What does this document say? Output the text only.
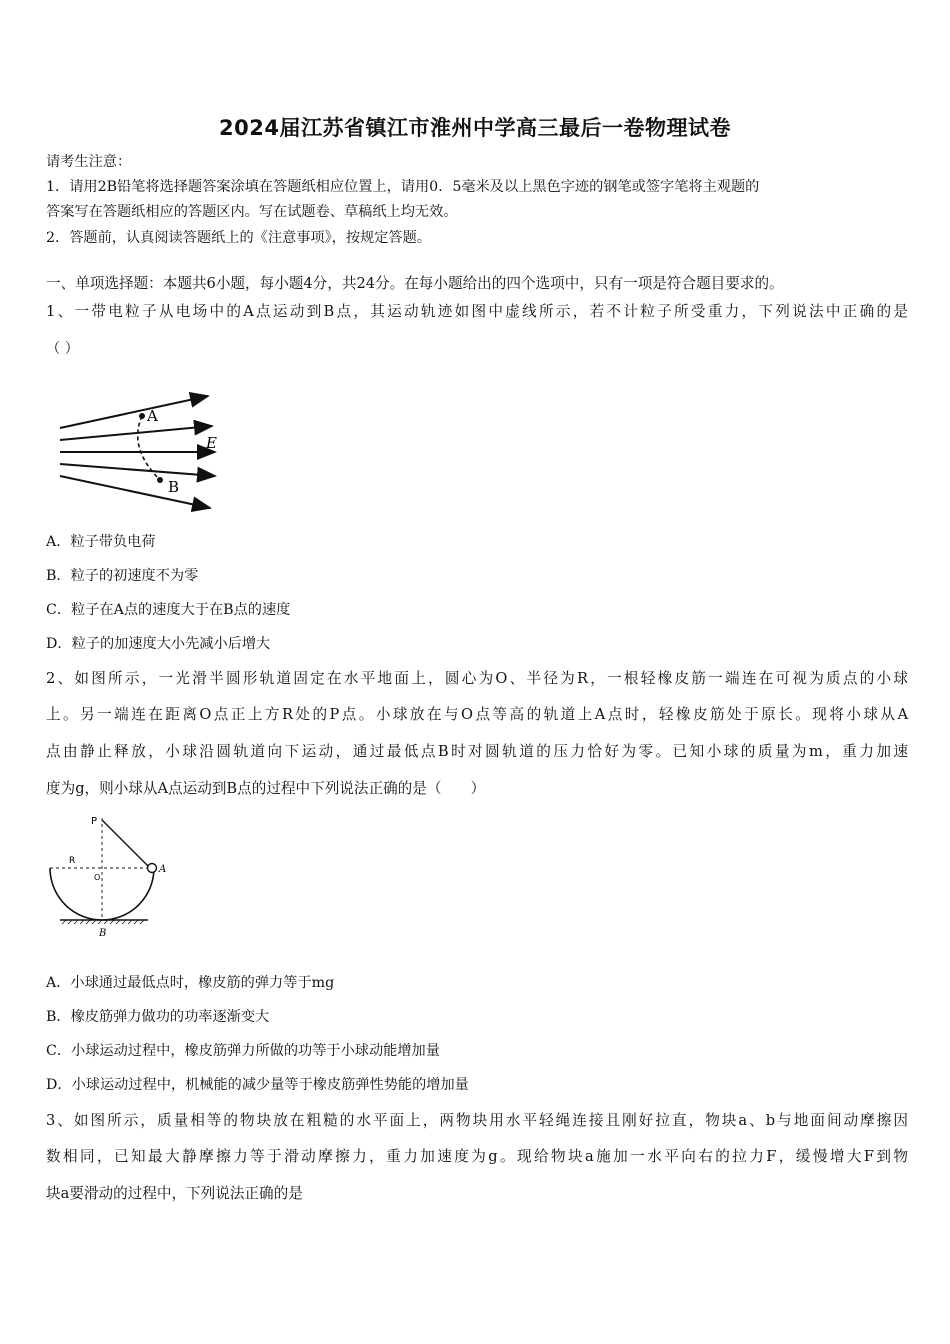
2024届江苏省镇江市淮州中学高三最后一卷物理试卷
请考生注意：
1．请用2B铅笔将选择题答案涂填在答题纸相应位置上，请用0．5毫米及以上黑色字迹的钢笔或签字笔将主观题的
答案写在答题纸相应的答题区内。写在试题卷、草稿纸上均无效。
2．答题前，认真阅读答题纸上的《注意事项》，按规定答题。
一、单项选择题：本题共6小题，每小题4分，共24分。在每小题给出的四个选项中，只有一项是符合题目要求的。
1、一带电粒子从电场中的A点运动到B点，其运动轨迹如图中虚线所示，若不计粒子所受重力，下列说法中正确的是
（ ）
A
B
E
A．粒子带负电荷
B．粒子的初速度不为零
C．粒子在A点的速度大于在B点的速度
D．粒子的加速度大小先减小后增大
2、如图所示，一光滑半圆形轨道固定在水平地面上，圆心为O、半径为R，一根轻橡皮筋一端连在可视为质点的小球
上。另一端连在距离O点正上方R处的P点。小球放在与O点等高的轨道上A点时，轻橡皮筋处于原长。现将小球从A
点由静止释放，小球沿圆轨道向下运动，通过最低点B时对圆轨道的压力恰好为零。已知小球的质量为m，重力加速
度为g，则小球从A点运动到B点的过程中下列说法正确的是（　　）
P
R
O
A
B
A．小球通过最低点时，橡皮筋的弹力等于mg
B．橡皮筋弹力做功的功率逐渐变大
C．小球运动过程中，橡皮筋弹力所做的功等于小球动能增加量
D．小球运动过程中，机械能的减少量等于橡皮筋弹性势能的增加量
3、如图所示，质量相等的物块放在粗糙的水平面上，两物块用水平轻绳连接且刚好拉直，物块a、b与地面间动摩擦因
数相同，已知最大静摩擦力等于滑动摩擦力，重力加速度为g。现给物块a施加一水平向右的拉力F，缓慢增大F到物
块a要滑动的过程中，下列说法正确的是
